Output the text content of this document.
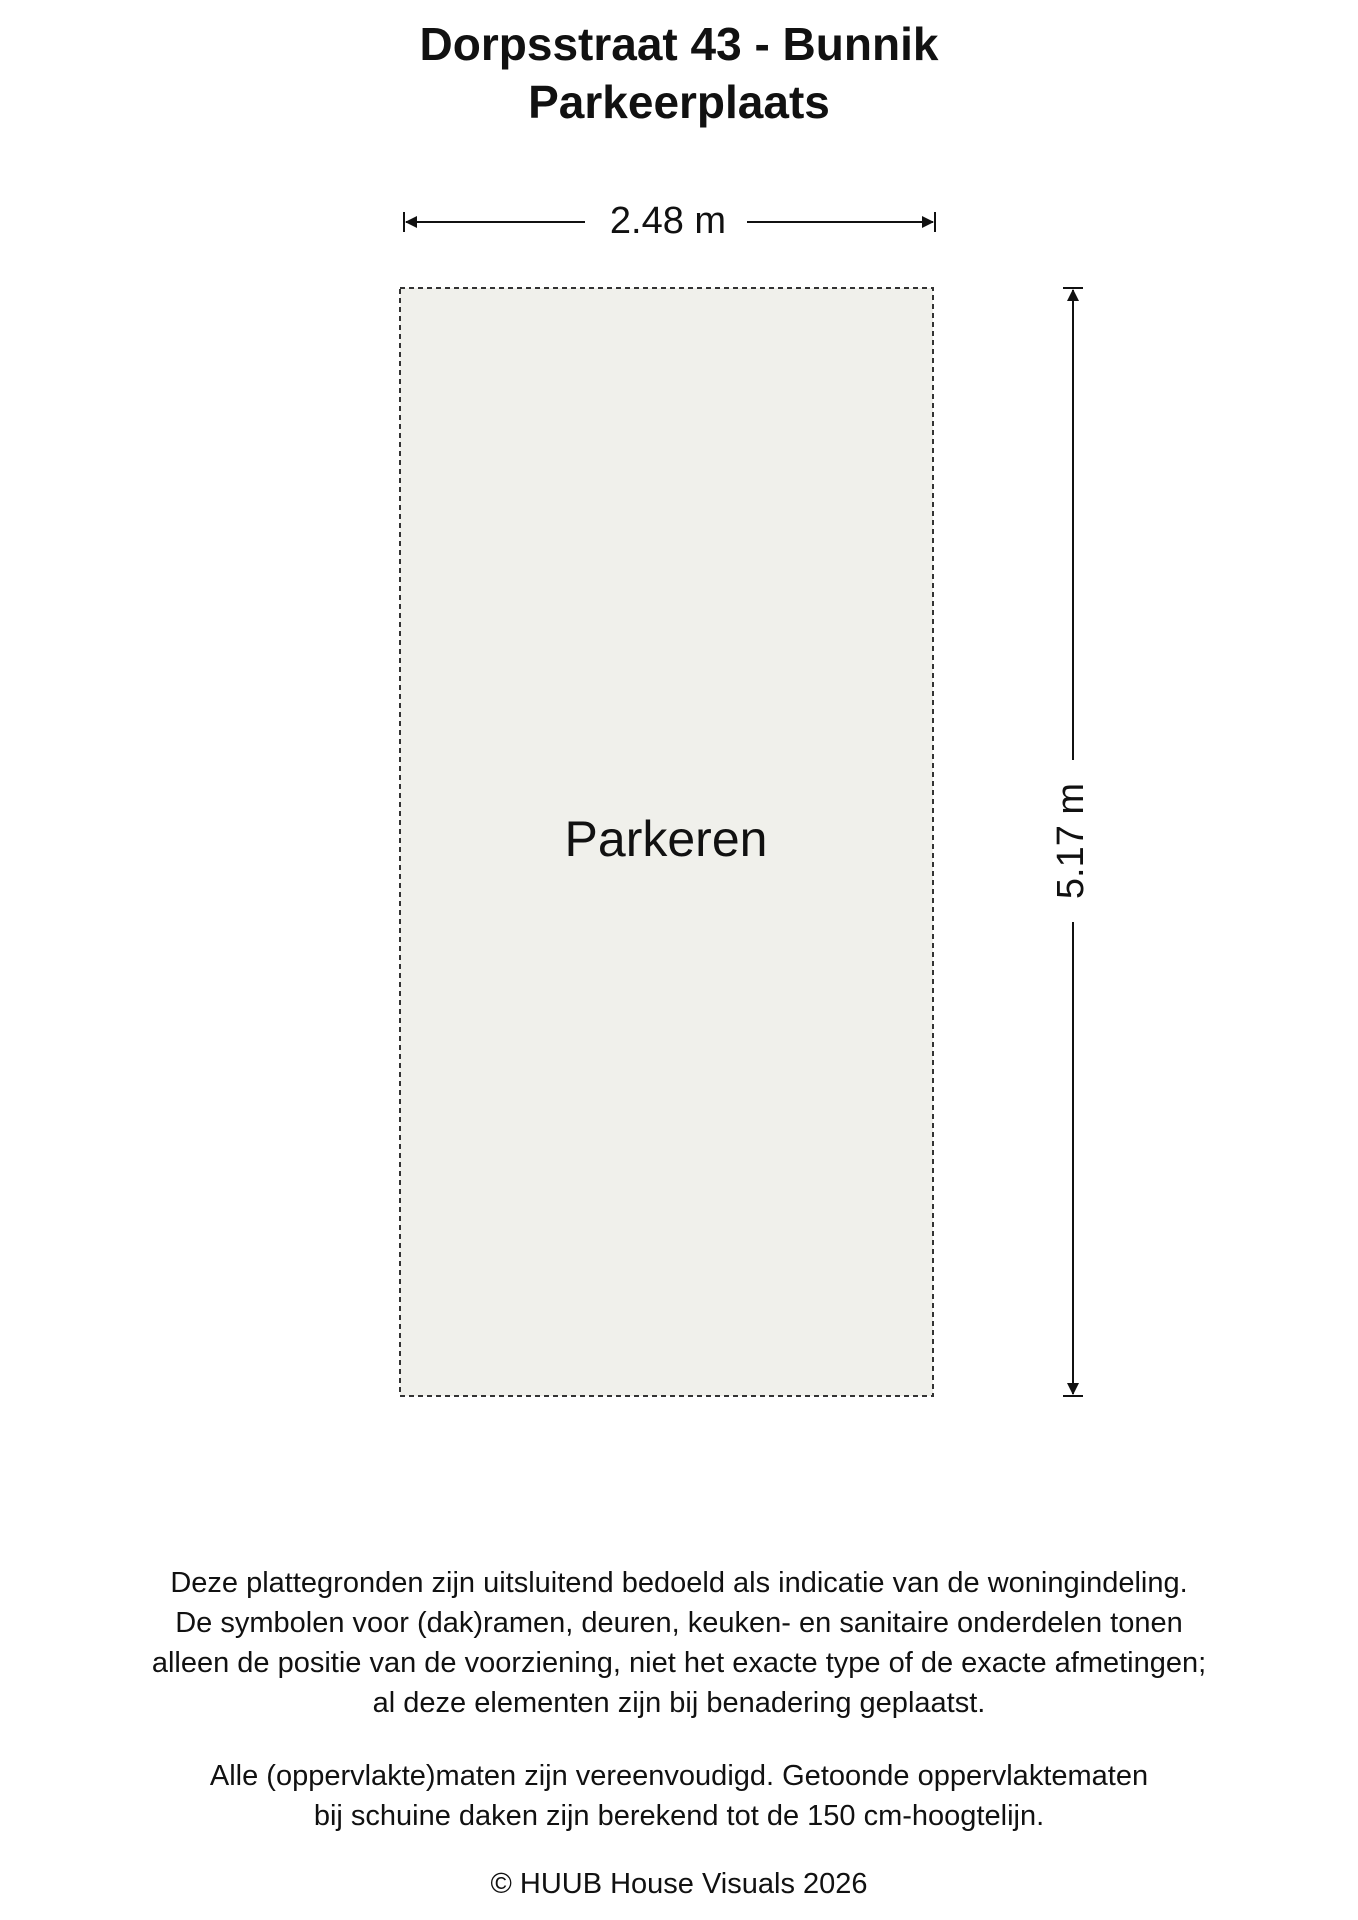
Dorpsstraat 43 - Bunnik
Parkeerplaats
Parkeren
2.48 m
5.17 m
Deze plattegronden zijn uitsluitend bedoeld als indicatie van de woningindeling.
De symbolen voor (dak)ramen, deuren, keuken- en sanitaire onderdelen tonen
alleen de positie van de voorziening, niet het exacte type of de exacte afmetingen;
al deze elementen zijn bij benadering geplaatst.
Alle (oppervlakte)maten zijn vereenvoudigd. Getoonde oppervlaktematen
bij schuine daken zijn berekend tot de 150 cm-hoogtelijn.
© HUUB House Visuals 2026
